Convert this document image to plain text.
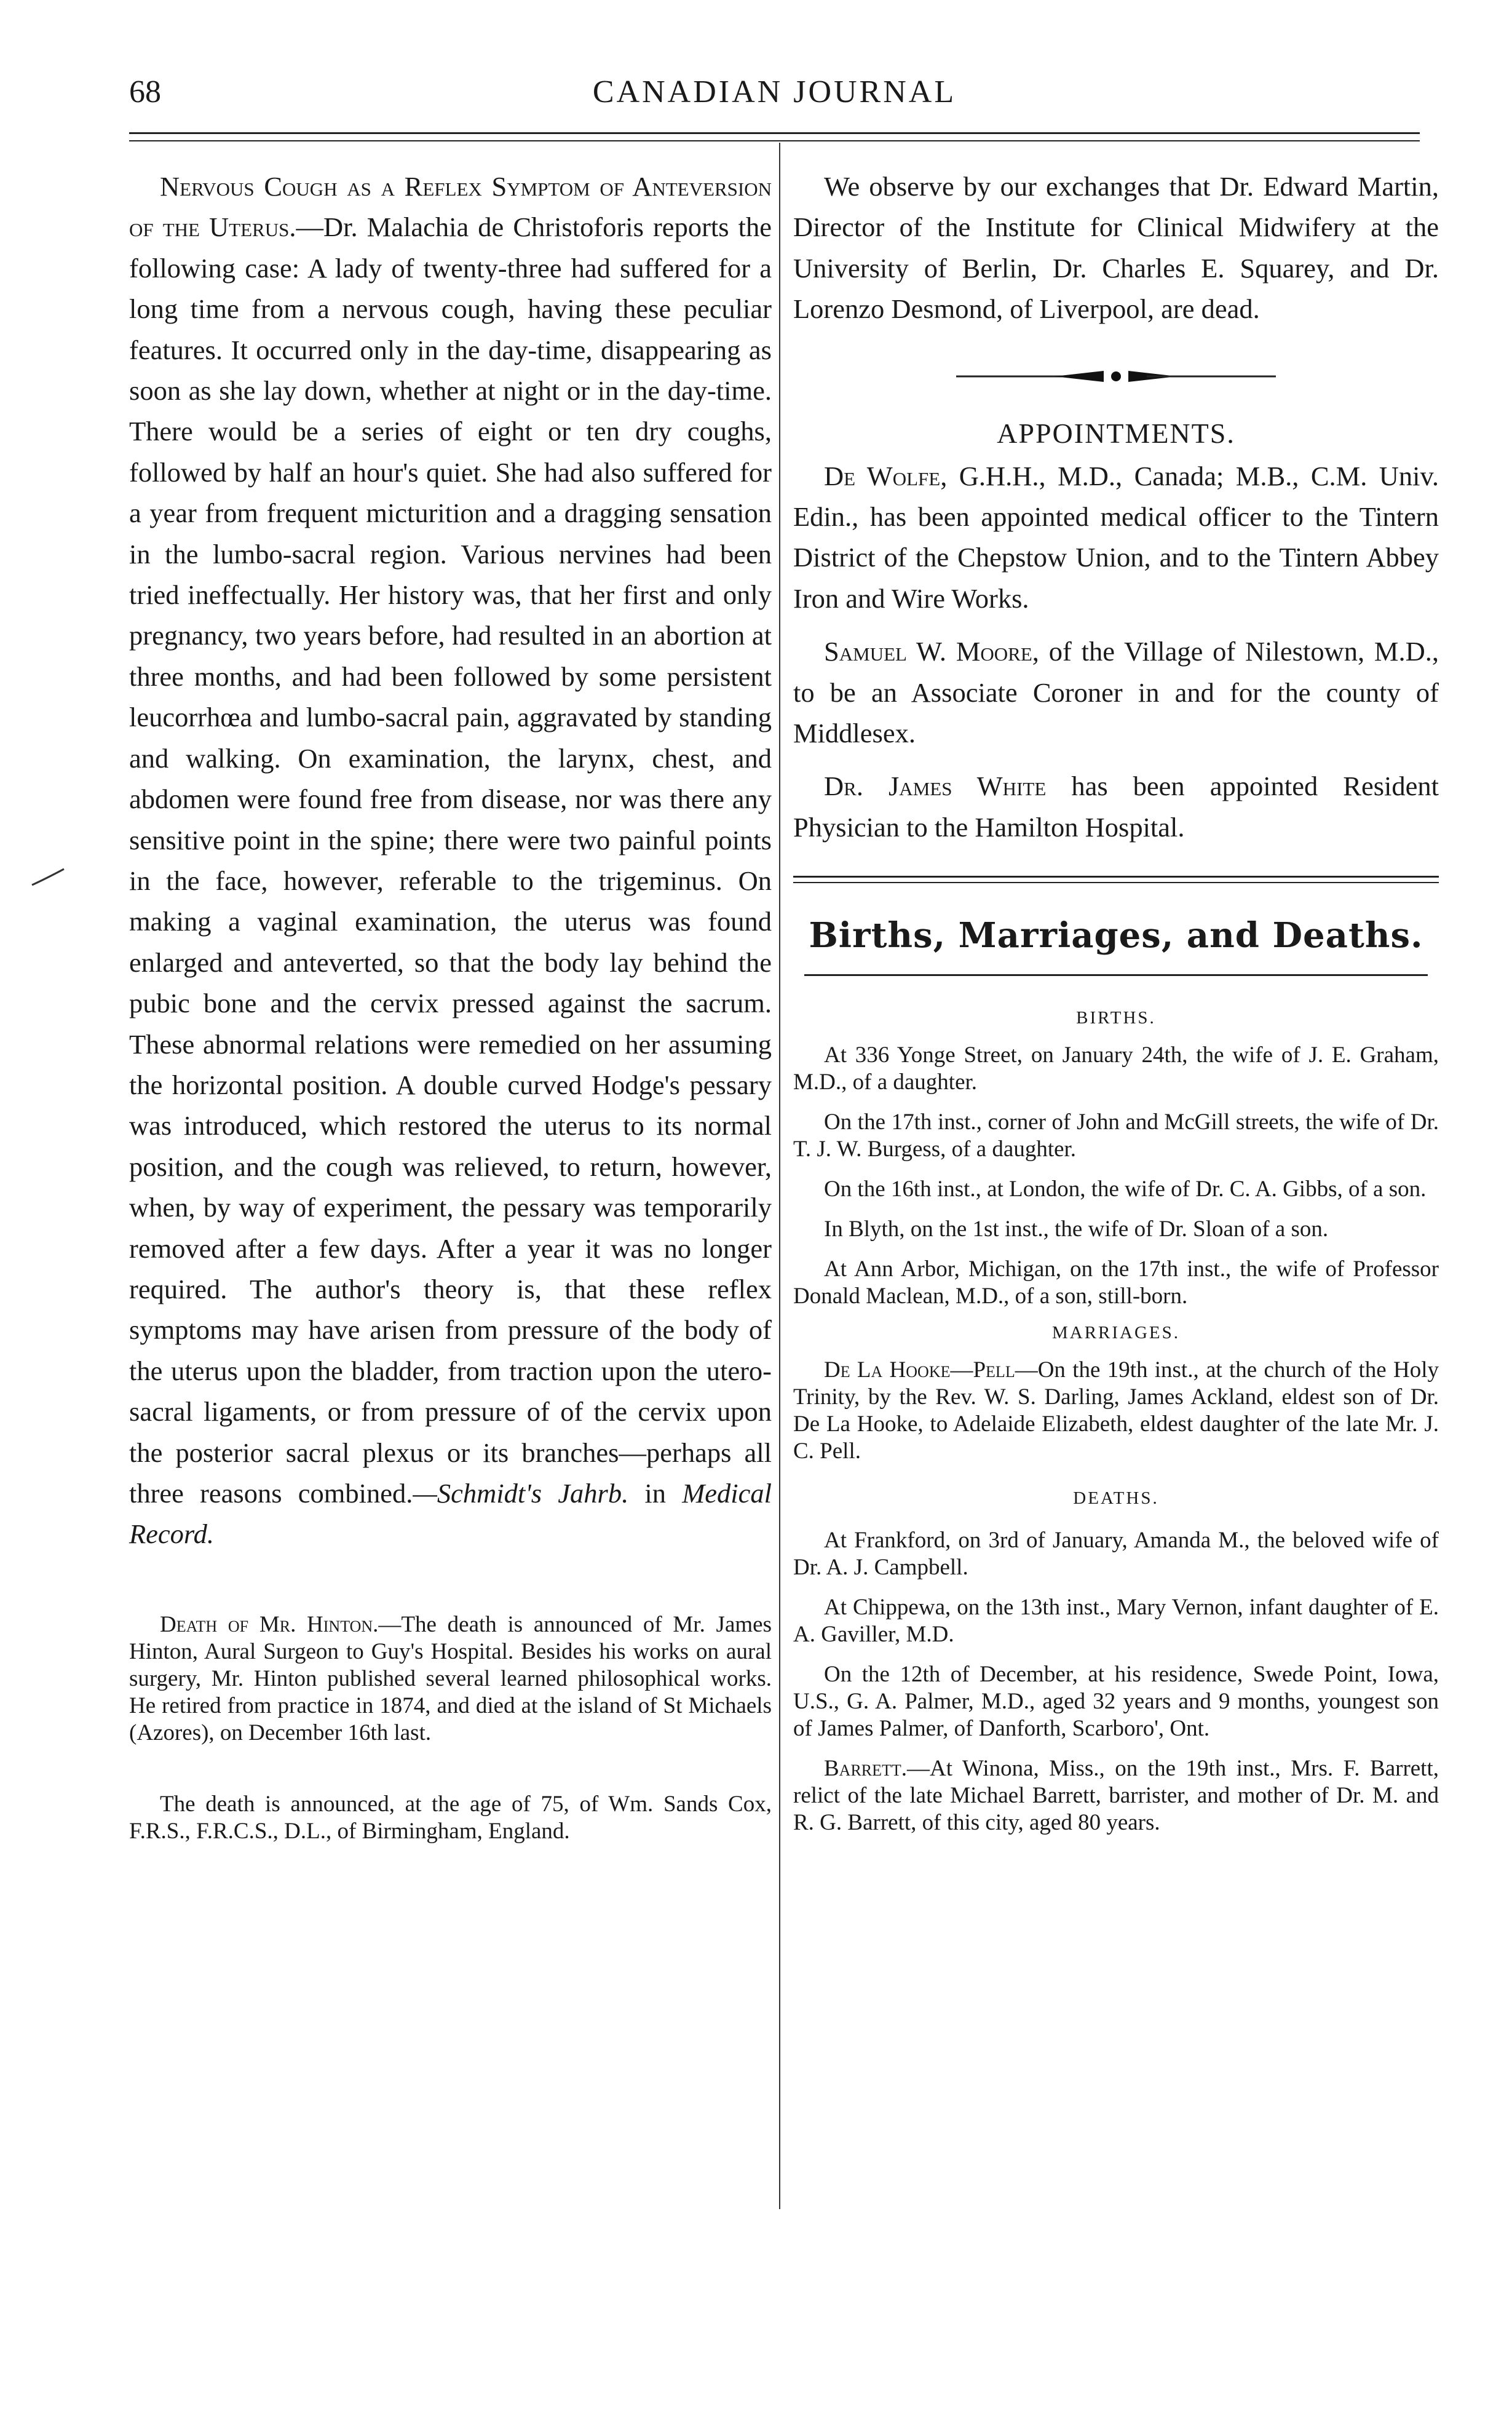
68	CANADIAN JOURNAL

Nervous Cough as a Reflex Symptom of Anteversion of the Uterus.—Dr. Malachia de Christoforis reports the following case: A lady of twenty-three had suffered for a long time from a nervous cough, having these peculiar features. It occurred only in the day-time, disappearing as soon as she lay down, whether at night or in the day-time. There would be a series of eight or ten dry coughs, followed by half an hour's quiet. She had also suffered for a year from frequent micturition and a dragging sensation in the lumbo-sacral region. Various nervines had been tried ineffectually. Her history was, that her first and only pregnancy, two years before, had resulted in an abortion at three months, and had been followed by some persistent leucorrhœa and lumbo-sacral pain, aggravated by standing and walking. On examination, the larynx, chest, and abdomen were found free from disease, nor was there any sensitive point in the spine; there were two painful points in the face, however, referable to the trigeminus. On making a vaginal examination, the uterus was found enlarged and anteverted, so that the body lay behind the pubic bone and the cervix pressed against the sacrum. These abnormal relations were remedied on her assuming the horizontal position. A double curved Hodge's pessary was introduced, which restored the uterus to its normal position, and the cough was relieved, to return, however, when, by way of experiment, the pessary was temporarily removed after a few days. After a year it was no longer required. The author's theory is, that these reflex symptoms may have arisen from pressure of the body of the uterus upon the bladder, from traction upon the utero-sacral ligaments, or from pressure of of the cervix upon the posterior sacral plexus or its branches—perhaps all three reasons combined.—Schmidt's Jahrb. in Medical Record.

Death of Mr. Hinton.—The death is announced of Mr. James Hinton, Aural Surgeon to Guy's Hospital. Besides his works on aural surgery, Mr. Hinton published several learned philosophical works. He retired from practice in 1874, and died at the island of St Michaels (Azores), on December 16th last.

The death is announced, at the age of 75, of Wm. Sands Cox, F.R.S., F.R.C.S., D.L., of Birmingham, England.

We observe by our exchanges that Dr. Edward Martin, Director of the Institute for Clinical Midwifery at the University of Berlin, Dr. Charles E. Squarey, and Dr. Lorenzo Desmond, of Liverpool, are dead.

APPOINTMENTS.

De Wolfe, G.H.H., M.D., Canada; M.B., C.M. Univ. Edin., has been appointed medical officer to the Tintern District of the Chepstow Union, and to the Tintern Abbey Iron and Wire Works.

Samuel W. Moore, of the Village of Nilestown, M.D., to be an Associate Coroner in and for the county of Middlesex.

Dr. James White has been appointed Resident Physician to the Hamilton Hospital.

Births, Marriages, and Deaths.
BIRTHS.

At 336 Yonge Street, on January 24th, the wife of J. E. Graham, M.D., of a daughter.

On the 17th inst., corner of John and McGill streets, the wife of Dr. T. J. W. Burgess, of a daughter.

On the 16th inst., at London, the wife of Dr. C. A. Gibbs, of a son.

In Blyth, on the 1st inst., the wife of Dr. Sloan of a son.

At Ann Arbor, Michigan, on the 17th inst., the wife of Professor Donald Maclean, M.D., of a son, still-born.

MARRIAGES.

De La Hooke—Pell—On the 19th inst., at the church of the Holy Trinity, by the Rev. W. S. Darling, James Ackland, eldest son of Dr. De La Hooke, to Adelaide Elizabeth, eldest daughter of the late Mr. J. C. Pell.

DEATHS.

At Frankford, on 3rd of January, Amanda M., the beloved wife of Dr. A. J. Campbell.

At Chippewa, on the 13th inst., Mary Vernon, infant daughter of E. A. Gaviller, M.D.

On the 12th of December, at his residence, Swede Point, Iowa, U.S., G. A. Palmer, M.D., aged 32 years and 9 months, youngest son of James Palmer, of Danforth, Scarboro', Ont.

Barrett.—At Winona, Miss., on the 19th inst., Mrs. F. Barrett, relict of the late Michael Barrett, barrister, and mother of Dr. M. and R. G. Barrett, of this city, aged 80 years.
